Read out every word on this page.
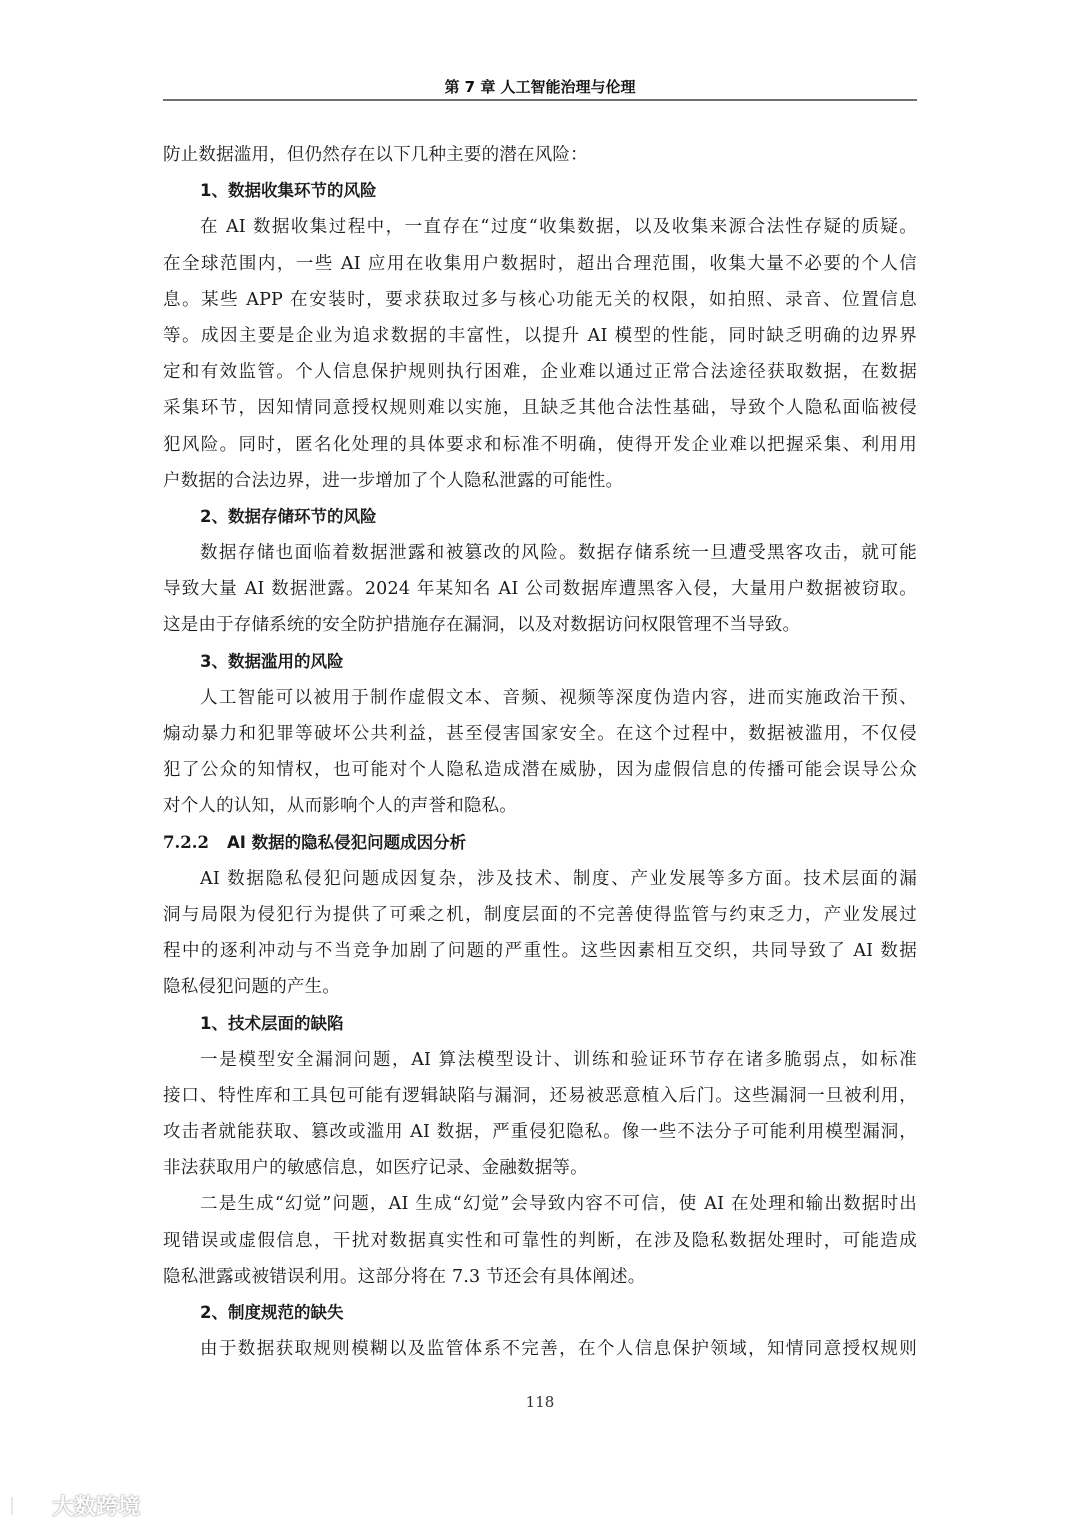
第 7 章 人工智能治理与伦理
防止数据滥用，但仍然存在以下几种主要的潜在风险：
1、数据收集环节的风险
在 AI 数据收集过程中，一直存在“过度“收集数据，以及收集来源合法性存疑的质疑。
在全球范围内，一些 AI 应用在收集用户数据时，超出合理范围，收集大量不必要的个人信
息。某些 APP 在安装时，要求获取过多与核心功能无关的权限，如拍照、录音、位置信息
等。成因主要是企业为追求数据的丰富性，以提升 AI 模型的性能，同时缺乏明确的边界界
定和有效监管。个人信息保护规则执行困难，企业难以通过正常合法途径获取数据，在数据
采集环节，因知情同意授权规则难以实施，且缺乏其他合法性基础，导致个人隐私面临被侵
犯风险。同时，匿名化处理的具体要求和标准不明确，使得开发企业难以把握采集、利用用
户数据的合法边界，进一步增加了个人隐私泄露的可能性。
2、数据存储环节的风险
数据存储也面临着数据泄露和被篡改的风险。数据存储系统一旦遭受黑客攻击，就可能
导致大量 AI 数据泄露。2024 年某知名 AI 公司数据库遭黑客入侵，大量用户数据被窃取。
这是由于存储系统的安全防护措施存在漏洞，以及对数据访问权限管理不当导致。
3、数据滥用的风险
人工智能可以被用于制作虚假文本、音频、视频等深度伪造内容，进而实施政治干预、
煽动暴力和犯罪等破坏公共利益，甚至侵害国家安全。在这个过程中，数据被滥用，不仅侵
犯了公众的知情权，也可能对个人隐私造成潜在威胁，因为虚假信息的传播可能会误导公众
对个人的认知，从而影响个人的声誉和隐私。
7.2.2 AI 数据的隐私侵犯问题成因分析
AI 数据隐私侵犯问题成因复杂，涉及技术、制度、产业发展等多方面。技术层面的漏
洞与局限为侵犯行为提供了可乘之机，制度层面的不完善使得监管与约束乏力，产业发展过
程中的逐利冲动与不当竞争加剧了问题的严重性。这些因素相互交织，共同导致了 AI 数据
隐私侵犯问题的产生。
1、技术层面的缺陷
一是模型安全漏洞问题，AI 算法模型设计、训练和验证环节存在诸多脆弱点，如标准
接口、特性库和工具包可能有逻辑缺陷与漏洞，还易被恶意植入后门。这些漏洞一旦被利用，
攻击者就能获取、篡改或滥用 AI 数据，严重侵犯隐私。像一些不法分子可能利用模型漏洞，
非法获取用户的敏感信息，如医疗记录、金融数据等。
二是生成“幻觉”问题，AI 生成“幻觉”会导致内容不可信，使 AI 在处理和输出数据时出
现错误或虚假信息，干扰对数据真实性和可靠性的判断，在涉及隐私数据处理时，可能造成
隐私泄露或被错误利用。这部分将在 7.3 节还会有具体阐述。
2、制度规范的缺失
由于数据获取规则模糊以及监管体系不完善，在个人信息保护领域，知情同意授权规则
118
大数跨境
